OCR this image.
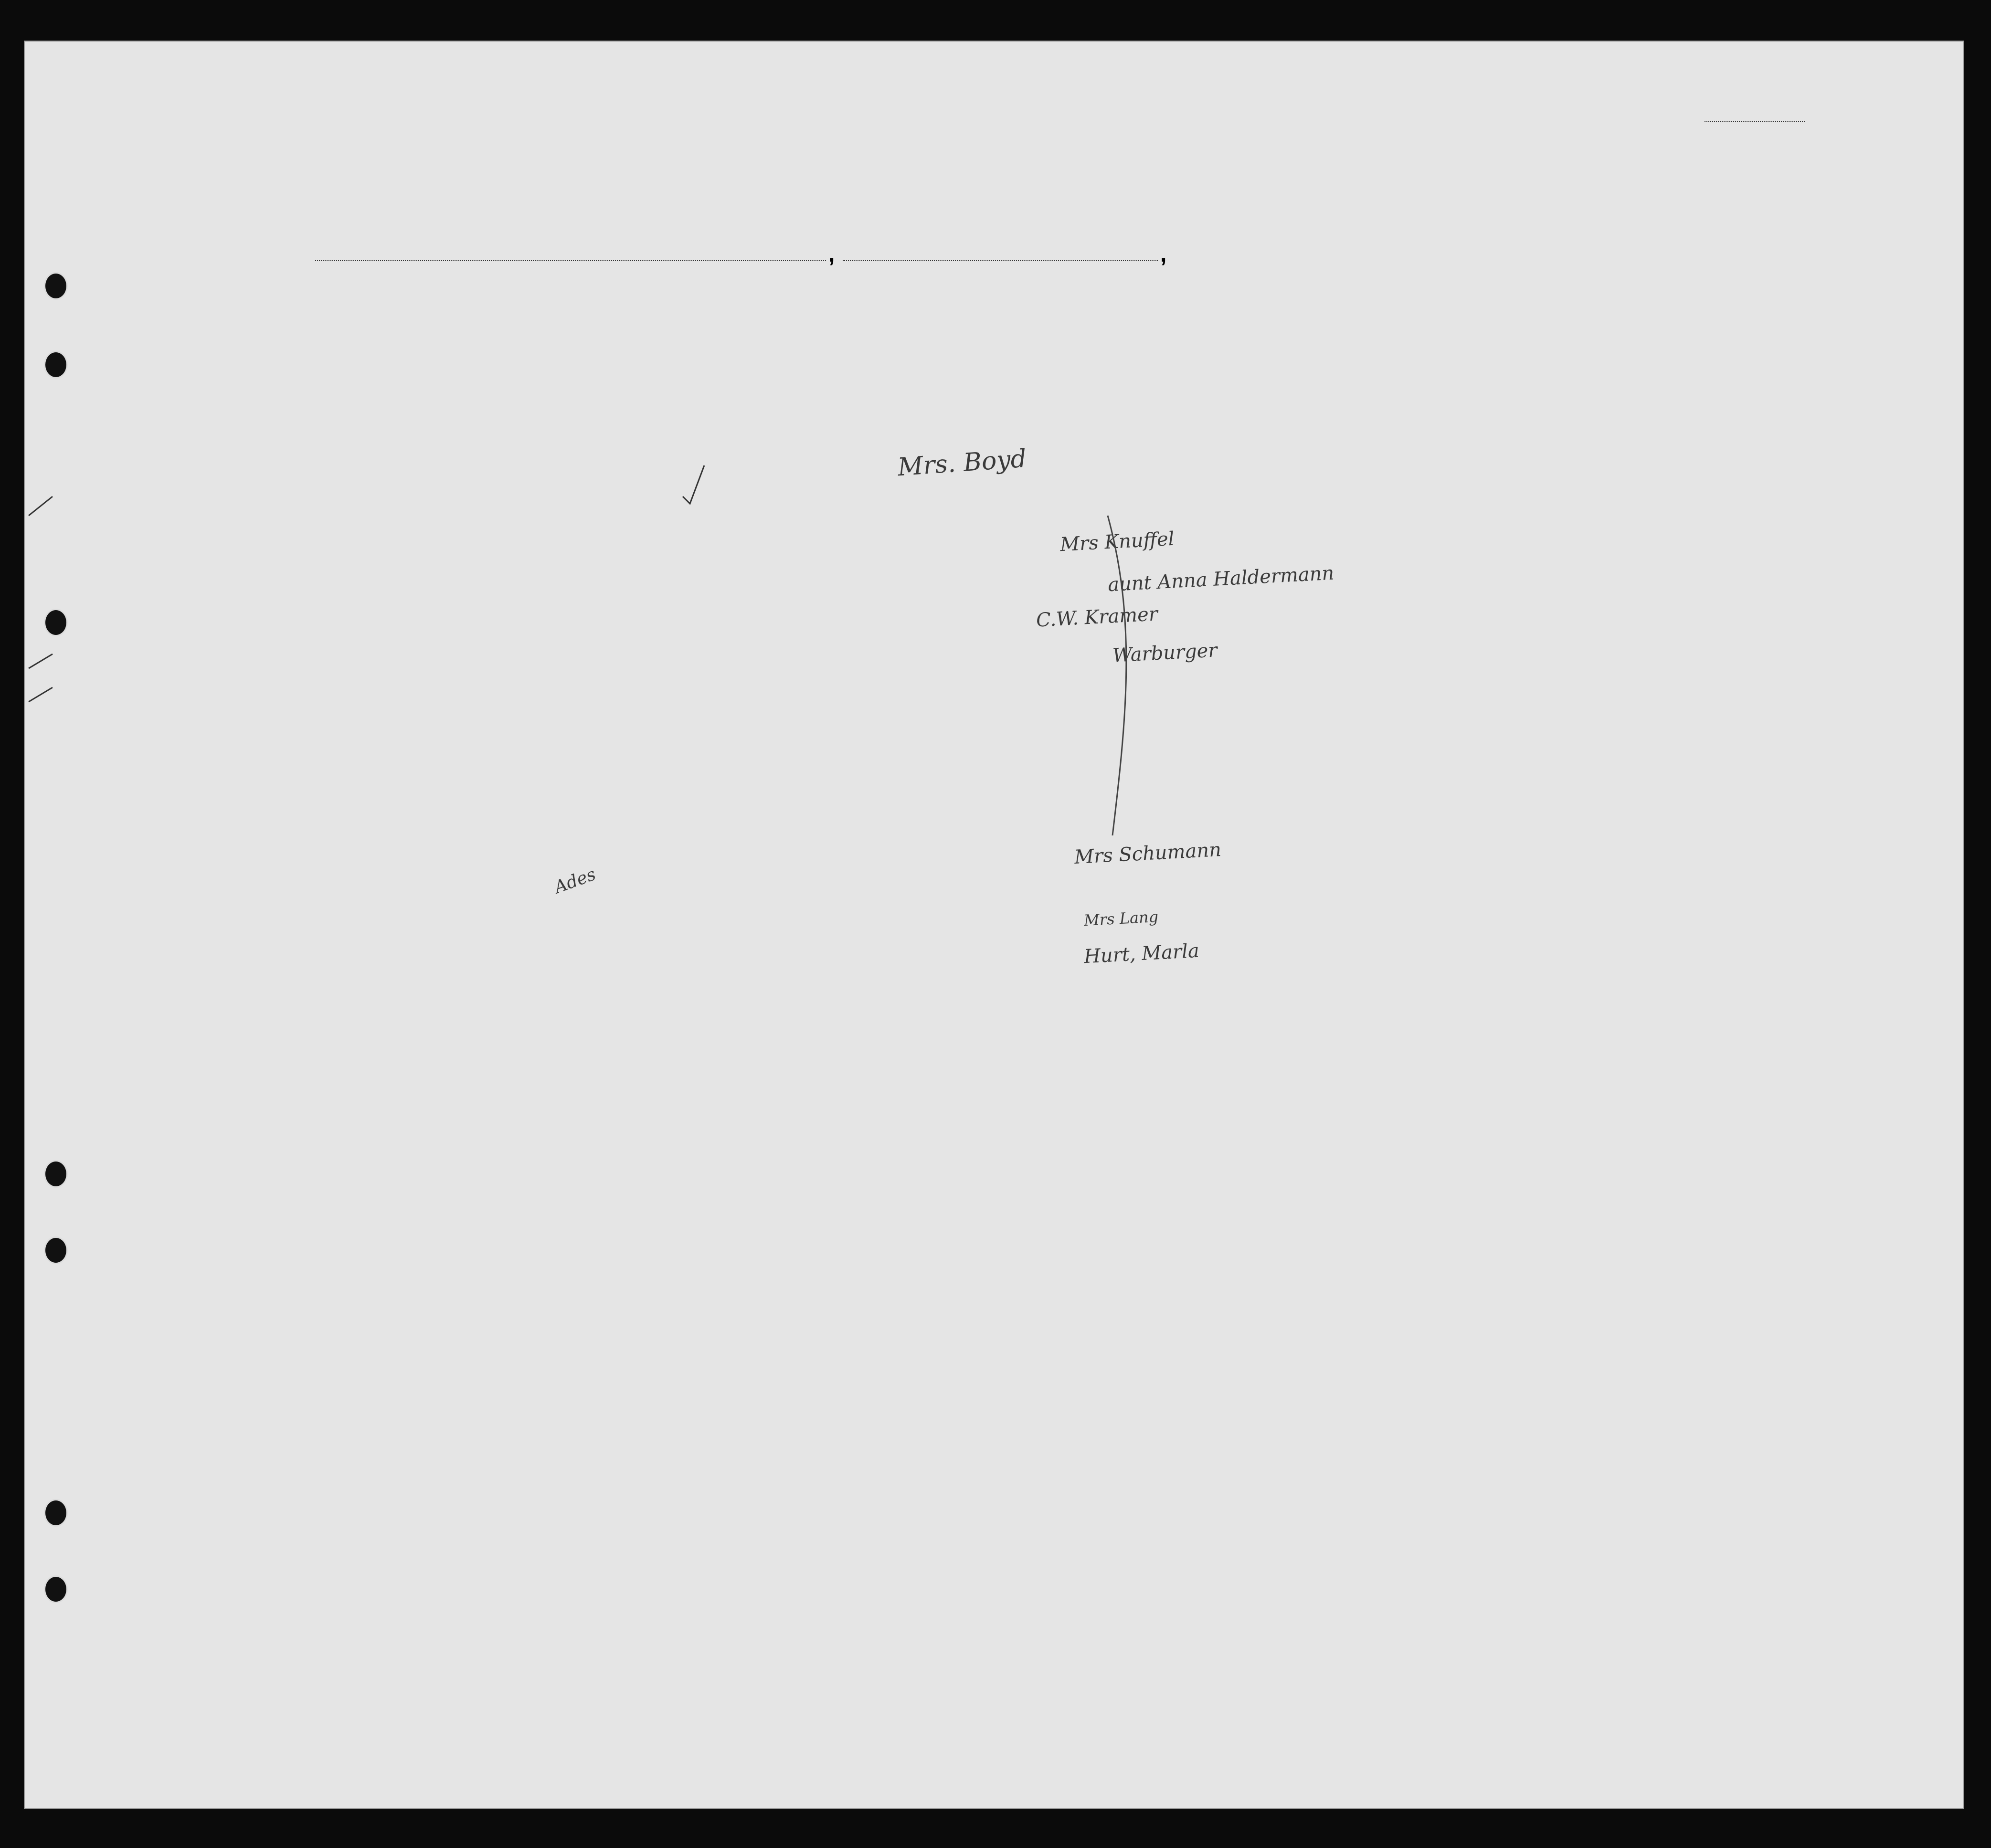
,	,
Mrs. Boyd
Mrs Knuffel
aunt Anna Haldermann
C.W. Kramer
Warburger
Mrs Schumann
Mrs Lang
Hurt, Marla
Ades
